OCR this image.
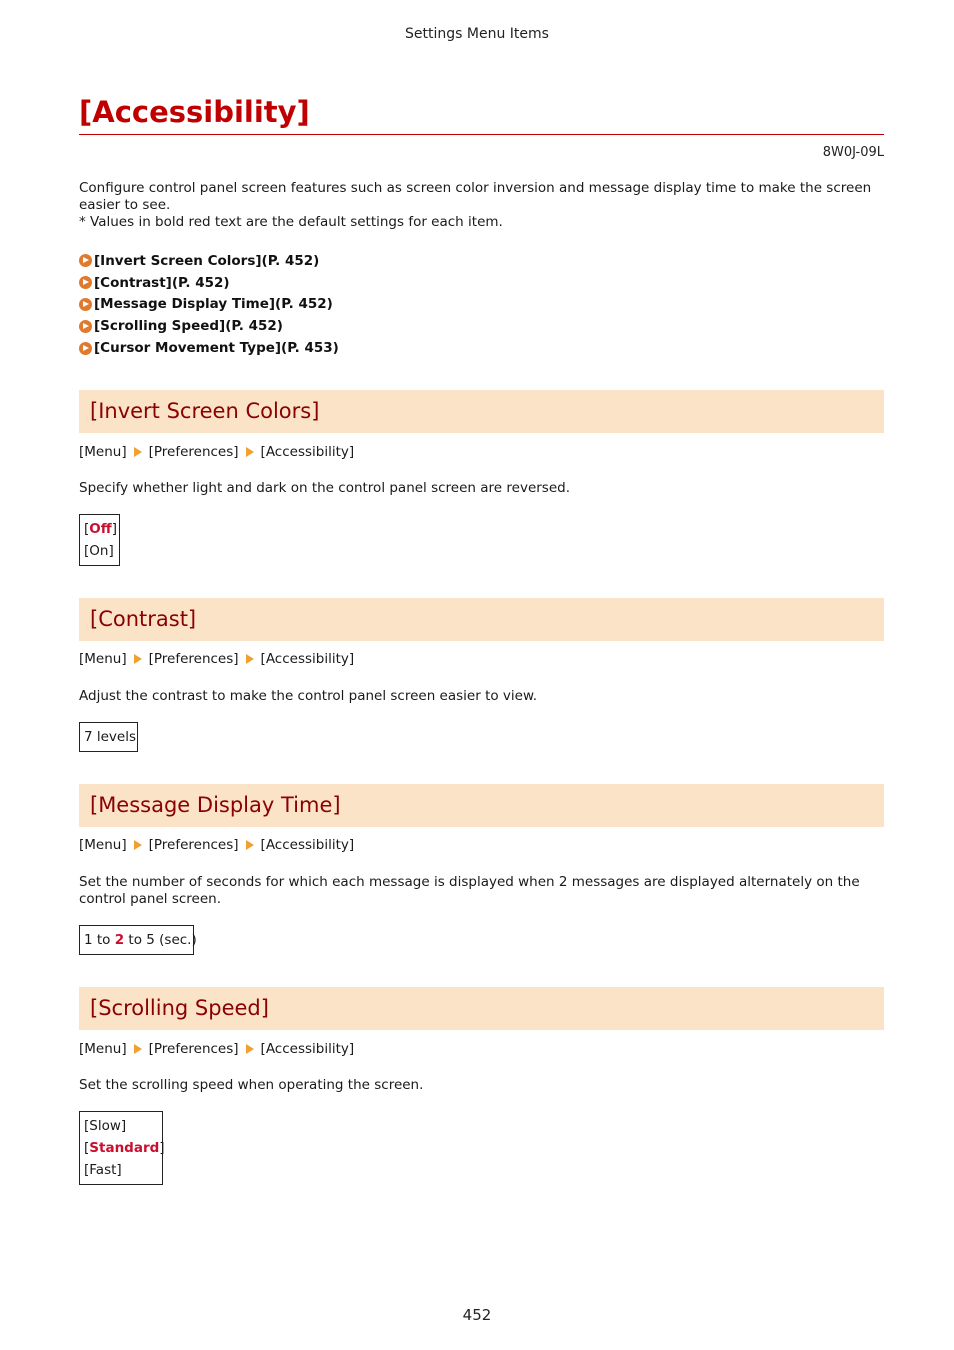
Settings Menu Items
[Accessibility]
8W0J-09L

Configure control panel screen features such as screen color inversion and message display time to make the screen easier to see.

* Values in bold red text are the default settings for each item.

[Invert Screen Colors](P. 452)
[Contrast](P. 452)
[Message Display Time](P. 452)
[Scrolling Speed](P. 452)
[Cursor Movement Type](P. 453)
[Invert Screen Colors]
[Menu] [Preferences] [Accessibility]

Specify whether light and dark on the control panel screen are reversed.

[Off]
[On]
[Contrast]
[Menu] [Preferences] [Accessibility]

Adjust the contrast to make the control panel screen easier to view.

7 levels
[Message Display Time]
[Menu] [Preferences] [Accessibility]

Set the number of seconds for which each message is displayed when 2 messages are displayed alternately on the control panel screen.

1 to 2 to 5 (sec.)
[Scrolling Speed]
[Menu] [Preferences] [Accessibility]

Set the scrolling speed when operating the screen.

[Slow]
[Standard]
[Fast]
452
